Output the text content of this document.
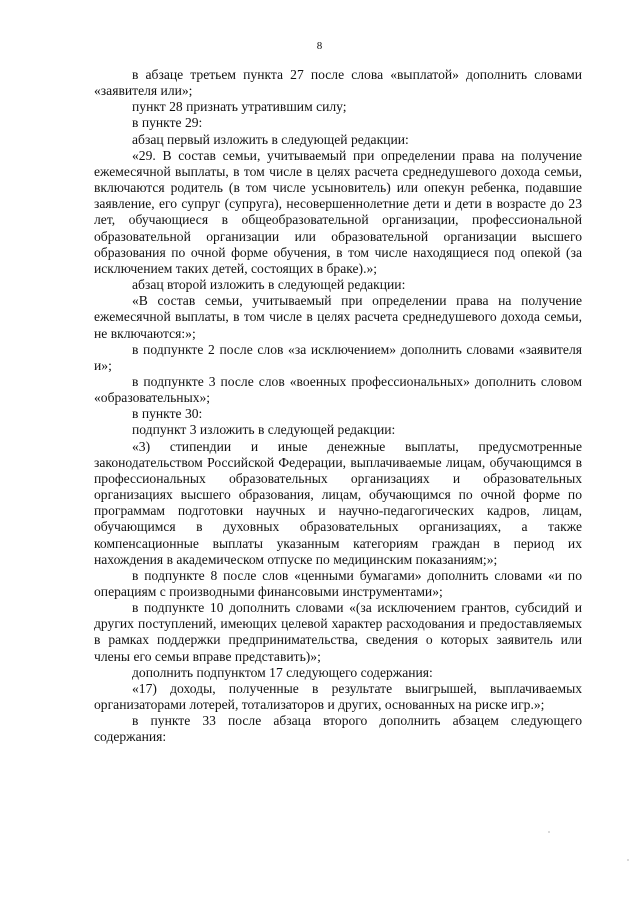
8

в абзаце третьем пункта 27 после слова «выплатой» дополнить словами «заявителя или»;

пункт 28 признать утратившим силу;

в пункте 29:

абзац первый изложить в следующей редакции:

«29. В состав семьи, учитываемый при определении права на получение ежемесячной выплаты, в том числе в целях расчета среднедушевого дохода семьи, включаются родитель (в том числе усыновитель) или опекун ребенка, подавшие заявление, его супруг (супруга), несовершеннолетние дети и дети в возрасте до 23 лет, обучающиеся в общеобразовательной организации, профессиональной образовательной организации или образовательной организации высшего образования по очной форме обучения, в том числе находящиеся под опекой (за исключением таких детей, состоящих в браке).»;

абзац второй изложить в следующей редакции:

«В состав семьи, учитываемый при определении права на получение ежемесячной выплаты, в том числе в целях расчета среднедушевого дохода семьи, не включаются:»;

в подпункте 2 после слов «за исключением» дополнить словами «заявителя и»;

в подпункте 3 после слов «военных профессиональных» дополнить словом «образовательных»;

в пункте 30:

подпункт 3 изложить в следующей редакции:

«3) стипендии и иные денежные выплаты, предусмотренные законодательством Российской Федерации, выплачиваемые лицам, обучающимся в профессиональных образовательных организациях и образовательных организациях высшего образования, лицам, обучающимся по очной форме по программам подготовки научных и научно-педагогических кадров, лицам, обучающимся в духовных образовательных организациях, а также компенсационные выплаты указанным категориям граждан в период их нахождения в академическом отпуске по медицинским показаниям;»;

в подпункте 8 после слов «ценными бумагами» дополнить словами «и по операциям с производными финансовыми инструментами»;

в подпункте 10 дополнить словами «(за исключением грантов, субсидий и других поступлений, имеющих целевой характер расходования и предоставляемых в рамках поддержки предпринимательства, сведения о которых заявитель или члены его семьи вправе представить)»;

дополнить подпунктом 17 следующего содержания:

«17) доходы, полученные в результате выигрышей, выплачиваемых организаторами лотерей, тотализаторов и других, основанных на риске игр.»;

в пункте 33 после абзаца второго дополнить абзацем следующего содержания:
